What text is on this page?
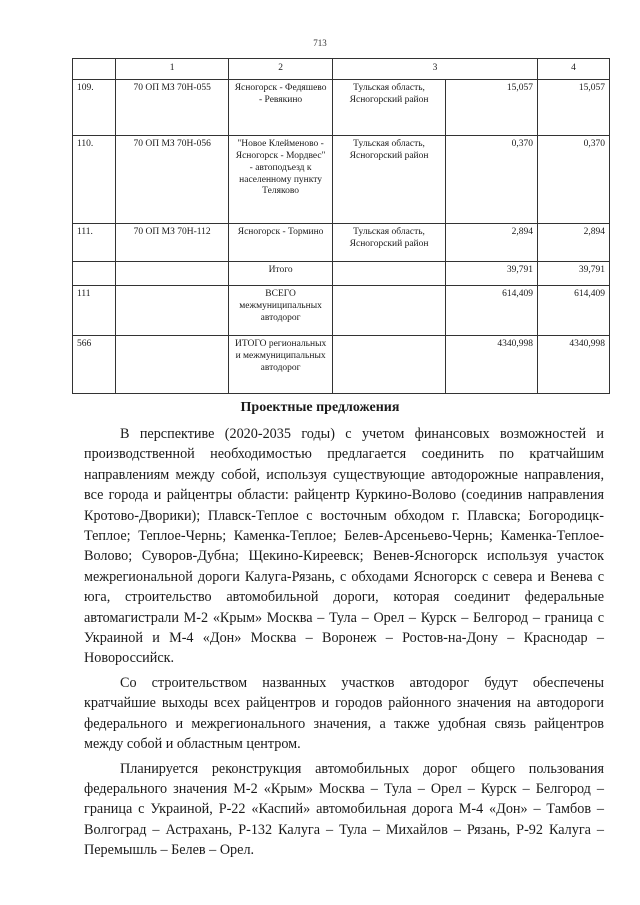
713
	1	2	3		4
109.	70 ОП МЗ 70Н-055	Ясногорск - Федяшево - Ревякино	Тульская область, Ясногорский район	15,057	15,057
110.	70 ОП МЗ 70Н-056	"Новое Клейменово - Ясногорск - Мордвес" - автоподъезд к населенному пункту Теляково	Тульская область, Ясногорский район	0,370	0,370
111.	70 ОП МЗ 70Н-112	Ясногорск - Тормино	Тульская область, Ясногорский район	2,894	2,894
		Итого		39,791	39,791
111		ВСЕГО межмуниципальных автодорог		614,409	614,409
566		ИТОГО региональных и межмуниципальных автодорог		4340,998	4340,998
Проектные предложения

В перспективе (2020-2035 годы) с учетом финансовых возможностей и производственной необходимостью предлагается соединить по кратчайшим направлениям между собой, используя существующие автодорожные направления, все города и райцентры области: райцентр Куркино-Волово (соединив направления Кротово-Дворики); Плавск-Теплое с восточным обходом г. Плавска; Богородицк-Теплое; Теплое-Чернь; Каменка-Теплое; Белев-Арсеньево-Чернь; Каменка-Теплое-Волово; Суворов-Дубна; Щекино-Киреевск; Венев-Ясногорск используя участок межрегиональной дороги Калуга-Рязань, с обходами Ясногорск с севера и Венева с юга, строительство автомобильной дороги, которая соединит федеральные автомагистрали М-2 «Крым» Москва – Тула – Орел – Курск – Белгород – граница с Украиной и М-4 «Дон» Москва – Воронеж – Ростов-на-Дону – Краснодар – Новороссийск.

Со строительством названных участков автодорог будут обеспечены кратчайшие выходы всех райцентров и городов районного значения на автодороги федерального и межрегионального значения, а также удобная связь райцентров между собой и областным центром.

Планируется реконструкция автомобильных дорог общего пользования федерального значения М-2 «Крым» Москва – Тула – Орел – Курск – Белгород – граница с Украиной, Р-22 «Каспий» автомобильная дорога М-4 «Дон» – Тамбов – Волгоград – Астрахань, Р-132 Калуга – Тула – Михайлов – Рязань, Р-92 Калуга – Перемышль – Белев – Орел.
